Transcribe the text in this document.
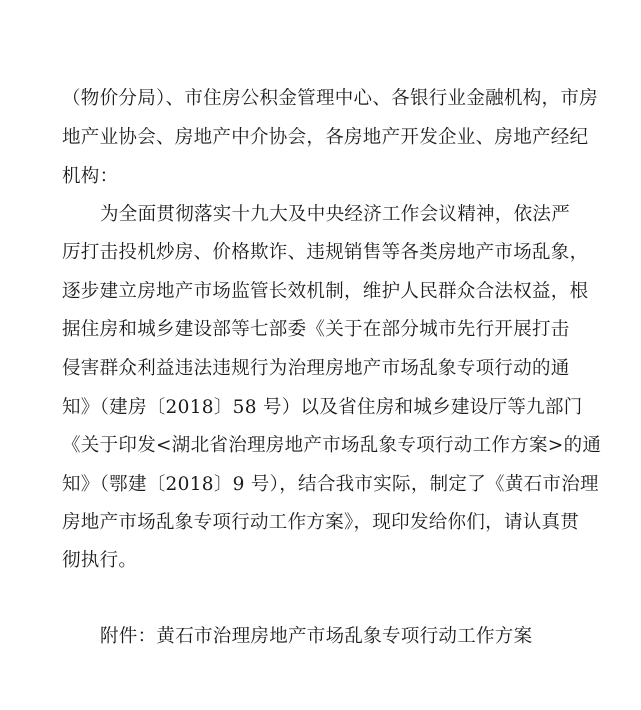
（物价分局）、市住房公积金管理中心、各银行业金融机构，市房
地产业协会、房地产中介协会，各房地产开发企业、房地产经纪
机构：
为全面贯彻落实十九大及中央经济工作会议精神，依法严
厉打击投机炒房、价格欺诈、违规销售等各类房地产市场乱象，
逐步建立房地产市场监管长效机制，维护人民群众合法权益，根
据住房和城乡建设部等七部委《关于在部分城市先行开展打击
侵害群众利益违法违规行为治理房地产市场乱象专项行动的通
知》（建房〔2018〕58 号）以及省住房和城乡建设厅等九部门
《关于印发<湖北省治理房地产市场乱象专项行动工作方案>的通
知》（鄂建〔2018〕9 号），结合我市实际，制定了《黄石市治理
房地产市场乱象专项行动工作方案》，现印发给你们，请认真贯
彻执行。
附件：黄石市治理房地产市场乱象专项行动工作方案
